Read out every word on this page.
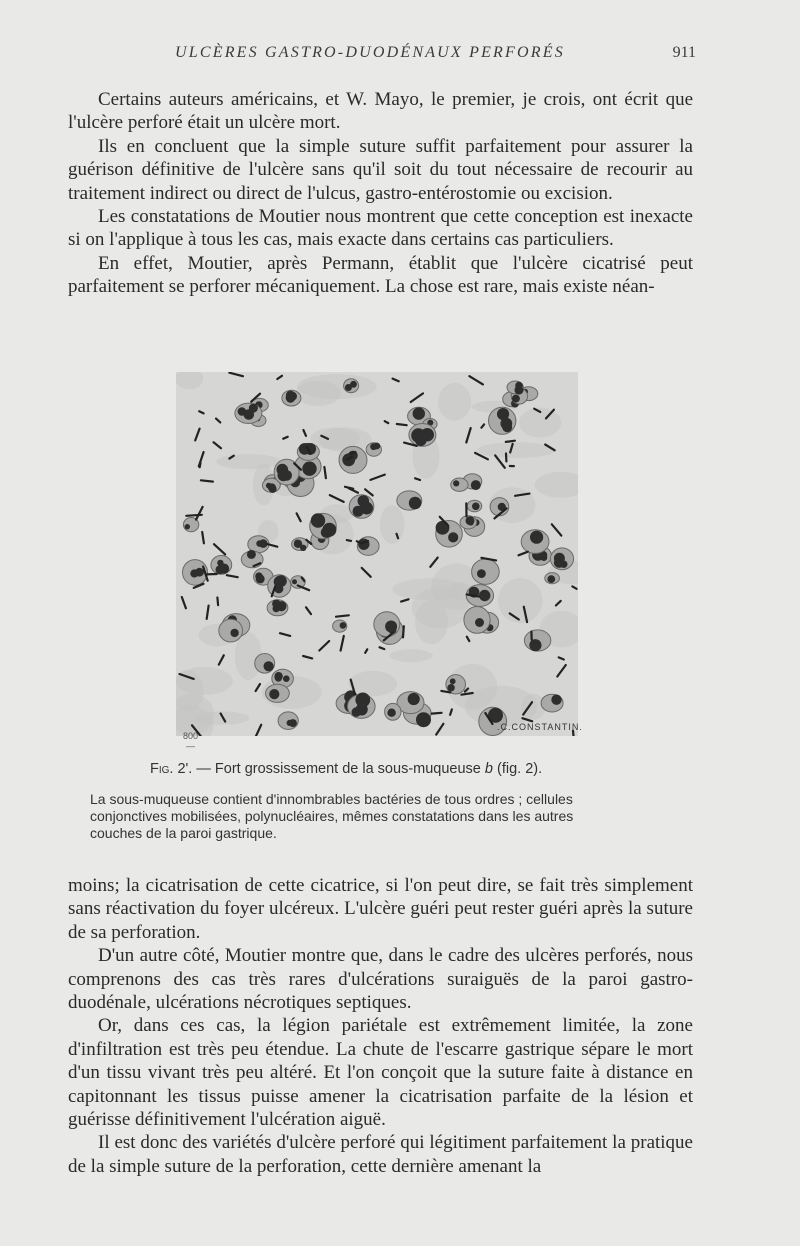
ULCÈRES GASTRO-DUODÉNAUX PERFORÉS	911

Certains auteurs américains, et W. Mayo, le premier, je crois, ont écrit que l'ulcère perforé était un ulcère mort.

Ils en concluent que la simple suture suffit parfaitement pour assurer la guérison définitive de l'ulcère sans qu'il soit du tout nécessaire de recourir au traitement indirect ou direct de l'ulcus, gastro-entérostomie ou excision.

Les constatations de Moutier nous montrent que cette conception est inexacte si on l'applique à tous les cas, mais exacte dans certains cas particuliers.

En effet, Moutier, après Permann, établit que l'ulcère cicatrisé peut parfaitement se perforer mécaniquement. La chose est rare, mais existe néan-

800
—
.C.CONSTANTIN.
Fig. 2'. — Fort grossissement de la sous-muqueuse b (fig. 2).
La sous-muqueuse contient d'innombrables bactéries de tous ordres ; cellules
conjonctives mobilisées, polynucléaires, mêmes constatations dans les autres
couches de la paroi gastrique.

moins; la cicatrisation de cette cicatrice, si l'on peut dire, se fait très simplement sans réactivation du foyer ulcéreux. L'ulcère guéri peut rester guéri après la suture de sa perforation.

D'un autre côté, Moutier montre que, dans le cadre des ulcères perforés, nous comprenons des cas très rares d'ulcérations suraiguës de la paroi gastro-duodénale, ulcérations nécrotiques septiques.

Or, dans ces cas, la légion pariétale est extrêmement limitée, la zone d'infiltration est très peu étendue. La chute de l'escarre gastrique sépare le mort d'un tissu vivant très peu altéré. Et l'on conçoit que la suture faite à distance en capitonnant les tissus puisse amener la cicatrisation parfaite de la lésion et guérisse définitivement l'ulcération aiguë.

Il est donc des variétés d'ulcère perforé qui légitiment parfaitement la pratique de la simple suture de la perforation, cette dernière amenant la
